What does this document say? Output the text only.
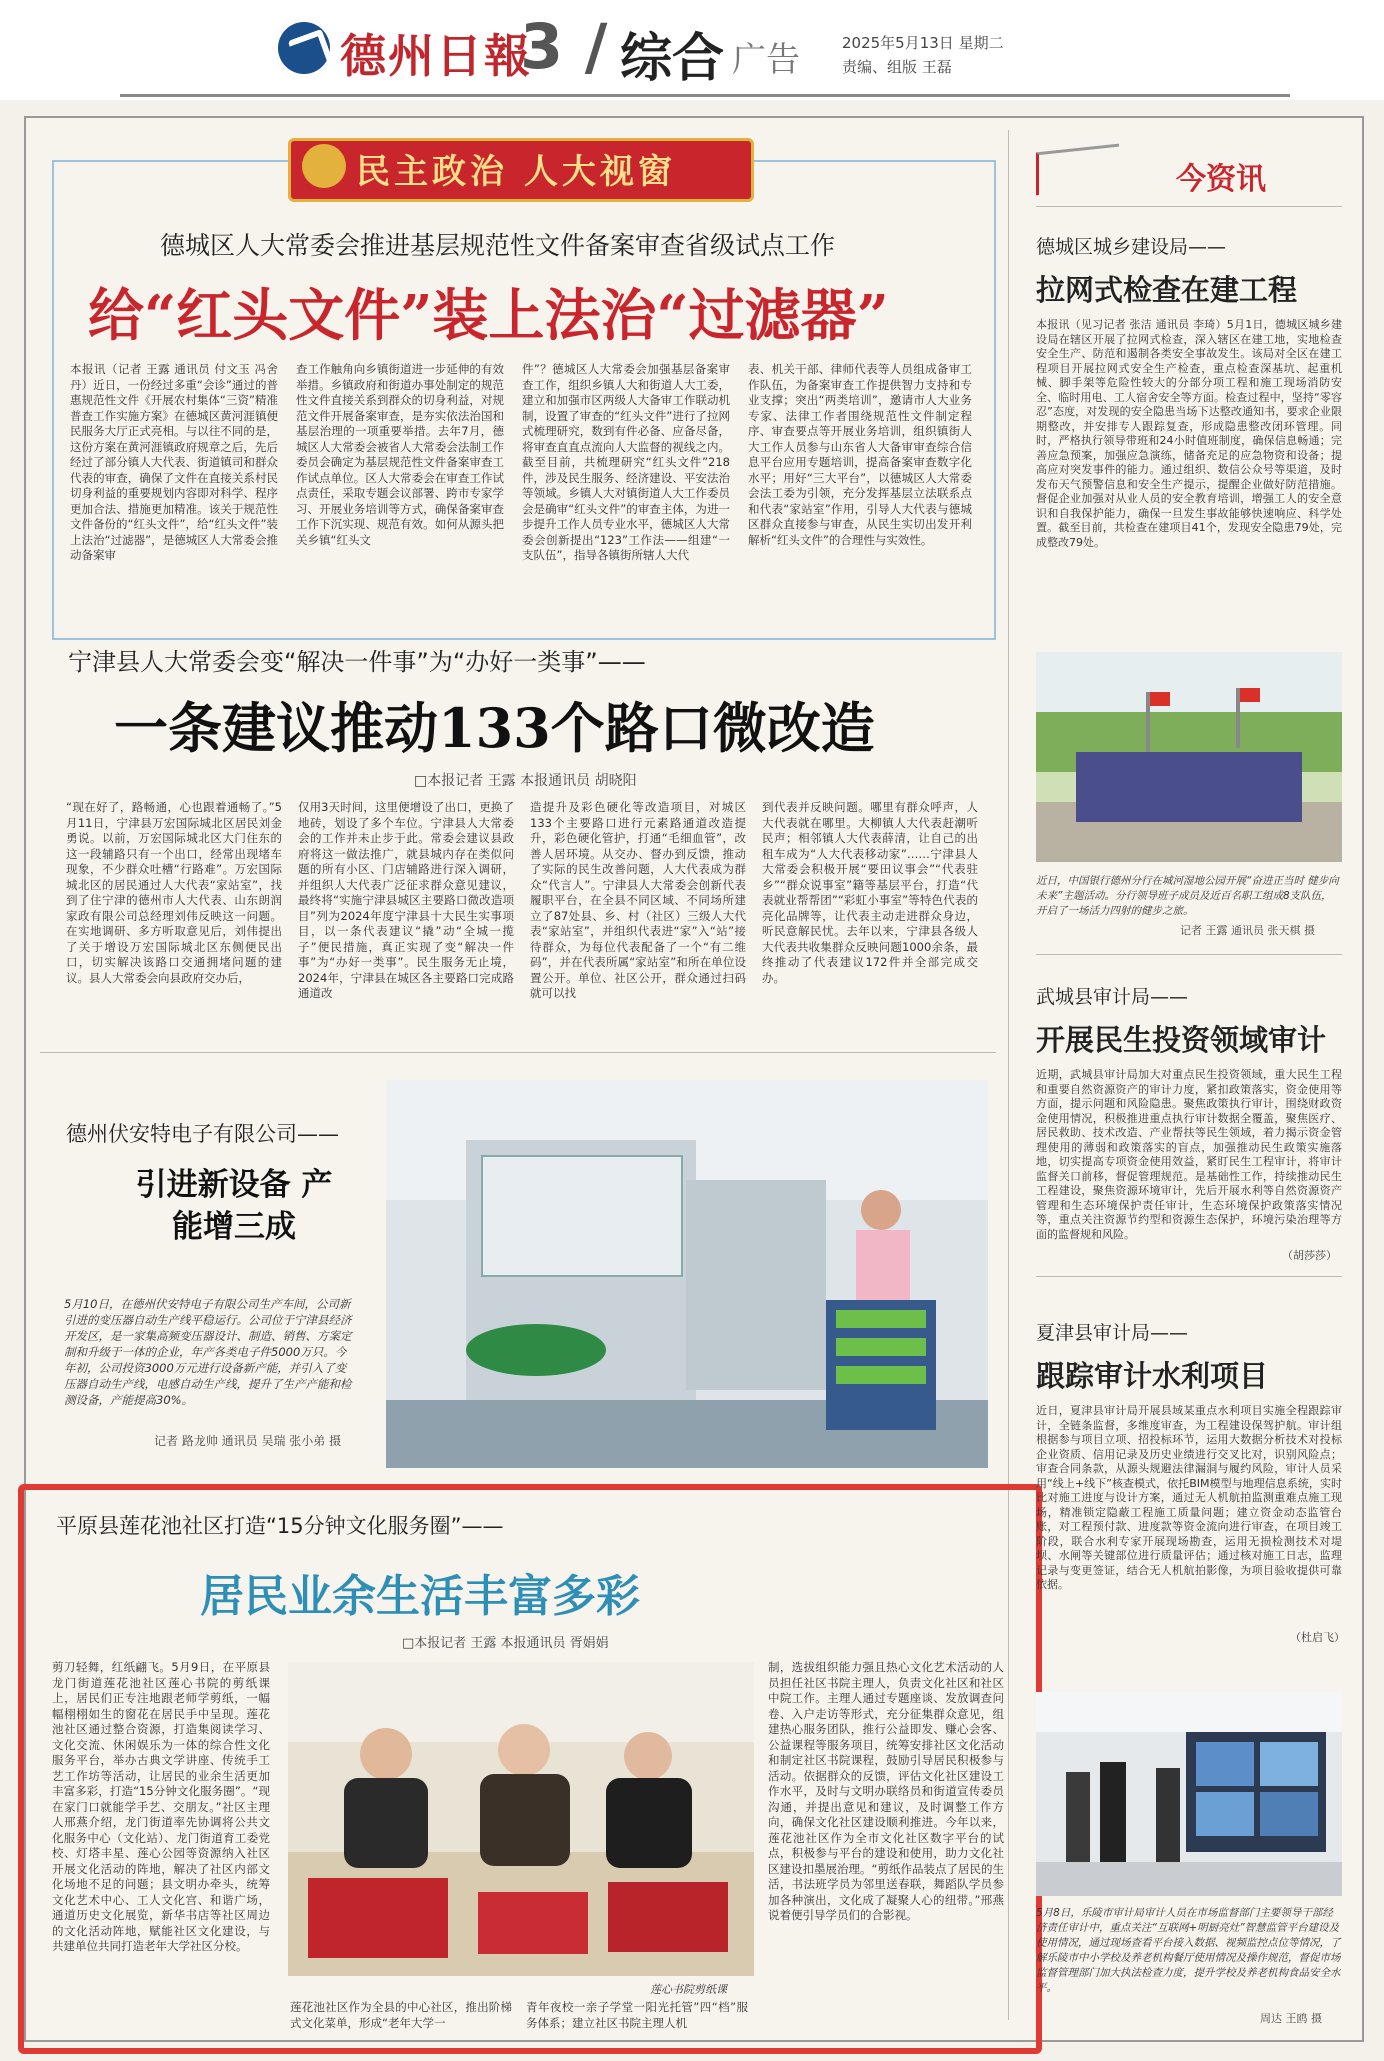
德州日報
3 / 综合 广告	2025年5月13日 星期二
责编、组版 王磊
民主政治 人大视窗
德城区人大常委会推进基层规范性文件备案审查省级试点工作
给“红头文件”装上法治“过滤器”
本报讯（记者 王露 通讯员 付文玉 冯舍丹）近日，一份经过多重“会诊”通过的普惠规范性文件《开展农村集体“三资”精准普查工作实施方案》在德城区黄河涯镇便民服务大厅正式亮相。与以往不同的是，这份方案在黄河涯镇政府规章之后，先后经过了部分镇人大代表、街道镇司和群众代表的审查，确保了文件在直接关系村民切身利益的重要规划内容即对科学、程序更加合法、措施更加精准。该关于规范性文件备份的“红头文件”，给“红头文件”装上法治“过滤器”，是德城区人大常委会推动备案审
查工作触角向乡镇街道进一步延伸的有效举措。乡镇政府和街道办事处制定的规范性文件直接关系到群众的切身利益，对规范文件开展备案审查，是夯实依法治国和基层治理的一项重要举措。去年7月，德城区人大常委会被省人大常委会法制工作委员会确定为基层规范性文件备案审查工作试点单位。区人大常委会在审查工作试点责任，采取专题会议部署、跨市专家学习、开展业务培训等方式，确保备案审查工作下沉实现、规范有效。如何从源头把关乡镇“红头文
件”？德城区人大常委会加强基层备案审查工作，组织乡镇人大和街道人大工委，建立和加强市区两级人大备审工作联动机制，设置了审查的“红头文件”进行了拉网式梳理研究，数到有件必备、应备尽备，将审查直直点流向人大监督的视线之内。截至目前，共梳理研究“红头文件”218件，涉及民生服务、经济建设、平安法治等领域。乡镇人大对镇街道人大工作委员会是确审“红头文件”的审查主体，为进一步提升工作人员专业水平，德城区人大常委会创新提出“123”工作法——组建“一支队伍”，指导各镇街所辖人大代
表、机关干部、律师代表等人员组成备审工作队伍，为备案审查工作提供智力支持和专业支撑；突出“两类培训”，邀请市人大业务专家、法律工作者围绕规范性文件制定程序、审查要点等开展业务培训，组织镇街人大工作人员参与山东省人大备审审查综合信息平台应用专题培训，提高备案审查数字化水平；用好“三大平台”，以德城区人大常委会法工委为引领，充分发挥基层立法联系点和代表“家站室”作用，引导人大代表与德城区群众直接参与审查，从民生实切出发开利解析“红头文件”的合理性与实效性。
宁津县人大常委会变“解决一件事”为“办好一类事”——
一条建议推动133个路口微改造
□本报记者 王露 本报通讯员 胡晓阳
“现在好了，路畅通，心也跟着通畅了。”5月11日，宁津县万宏国际城北区居民刘金勇说。以前，万宏国际城北区大门住东的这一段辅路只有一个出口，经常出现堵车现象，不少群众吐槽“行路难”。万宏国际城北区的居民通过人大代表“家站室”，找到了住宁津的德州市人大代表、山东朗润家政有限公司总经理刘伟反映这一问题。在实地调研、多方听取意见后，刘伟提出了关于增设万宏国际城北区东侧便民出口，切实解决该路口交通拥堵问题的建议。县人大常委会向县政府交办后，
仅用3天时间，这里便增设了出口，更换了地砖，划设了多个车位。宁津县人大常委会的工作并未止步于此。常委会建议县政府将这一做法推广，就县城内存在类似问题的所有小区、门店辅路进行深入调研，并组织人大代表广泛征求群众意见建议，最终将“实施宁津县城区主要路口微改造项目”列为2024年度宁津县十大民生实事项目，以一条代表建议“撬”动“全城一揽子”便民措施，真正实现了变“解决一件事”为“办好一类事”。民生服务无止境，2024年，宁津县在城区各主要路口完成路通道改
造提升及彩色硬化等改造项目，对城区133个主要路口进行元素路通道改造提升，彩色硬化管护，打通“毛细血管”，改善人居环境。从交办、督办到反馈，推动了实际的民生改善问题，人大代表成为群众“代言人”。宁津县人大常委会创新代表履职平台，在全县不同区域、不同场所建立了87处县、乡、村（社区）三级人大代表“家站室”，并组织代表进“家”入“站”接待群众，为每位代表配备了一个“有二维码”，并在代表所属“家站室”和所在单位设置公开。单位、社区公开，群众通过扫码就可以找
到代表并反映问题。哪里有群众呼声，人大代表就在哪里。大柳镇人大代表赶潮听民声；相邻镇人大代表薛清，让自己的出租车成为“人大代表移动家”……宁津县人大常委会积极开展“要田议事会”“代表驻乡”“群众说事室”籍等基层平台，打造“代表就业帮帮团”“彩虹小事室”等特色代表的亮化品牌等，让代表主动走进群众身边，听民意解民忧。去年以来，宁津县各级人大代表共收集群众反映问题1000余条，最终推动了代表建议172件并全部完成交办。
德州伏安特电子有限公司——
引进新设备 产能增三成
5月10日，在德州伏安特电子有限公司生产车间，公司新引进的变压器自动生产线平稳运行。公司位于宁津县经济开发区，是一家集高频变压器设计、制造、销售、方案定制和升级于一体的企业，年产各类电子件5000万只。今年初，公司投资3000万元进行设备新产能，并引入了变压器自动生产线，电感自动生产线，提升了生产产能和检测设备，产能提高30%。
记者 路龙帅 通讯员 吴瑞 张小弟 摄
平原县莲花池社区打造“15分钟文化服务圈”——
居民业余生活丰富多彩
□本报记者 王露 本报通讯员 胥娟娟
剪刀轻舞，红纸翩飞。5月9日，在平原县龙门街道莲花池社区莲心书院的剪纸课上，居民们正专注地跟老师学剪纸，一幅幅栩栩如生的窗花在居民手中呈现。莲花池社区通过整合资源，打造集阅读学习、文化交流、休闲娱乐为一体的综合性文化服务平台，举办古典文学讲座、传统手工艺工作坊等活动，让居民的业余生活更加丰富多彩，打造“15分钟文化服务圈”。“现在家门口就能学手艺、交朋友。”社区主理人邢燕介绍，龙门街道率先协调将公共文化服务中心（文化站）、龙门街道育工委党校、灯塔丰星、莲心公园等资源纳入社区开展文化活动的阵地，解决了社区内部文化场地不足的问题；县文明办牵头，统筹文化艺术中心、工人文化宫、和谐广场，通道历史文化展览，新华书店等社区周边的文化活动阵地，赋能社区文化建设，与共建单位共同打造老年大学社区分校。
莲心书院剪纸课
莲花池社区作为全县的中心社区，推出阶梯式文化菜单，形成“老年大学一
青年夜校一亲子学堂一阳光托管”四“档”服务体系；建立社区书院主理人机
制，选拔组织能力强且热心文化艺术活动的人员担任社区书院主理人，负责文化社区和社区中院工作。主理人通过专题座谈、发放调查问卷、入户走访等形式，充分征集群众意见，组建热心服务团队，推行公益即发、赚心会客、公益课程等服务项目，统筹安排社区文化活动和制定社区书院课程，鼓励引导居民积极参与活动。依据群众的反馈，评估文化社区建设工作水平，及时与文明办联络员和街道宣传委员沟通，并提出意见和建议，及时调整工作方向，确保文化社区建设顺利推进。今年以来，莲花池社区作为全市文化社区数字平台的试点，积极参与平台的建设和使用，助力文化社区建设扣墨展治理。“剪纸作品装点了居民的生活，书法班学员为邻里送春联，舞蹈队学员参加各种演出，文化成了凝聚人心的纽带。”邢燕说着便引导学员们的合影视。
今资讯
德城区城乡建设局——
拉网式检查在建工程
本报讯（见习记者 张洁 通讯员 李琦）5月1日，德城区城乡建设局在辖区开展了拉网式检查，深入辖区在建工地，实地检查安全生产、防范和遏制各类安全事故发生。该局对全区在建工程项目开展拉网式安全生产检查，重点检查深基坑、起重机械、脚手架等危险性较大的分部分项工程和施工现场消防安全、临时用电、工人宿舍安全等方面。检查过程中，坚持“零容忍”态度，对发现的安全隐患当场下达整改通知书，要求企业限期整改，并安排专人跟踪复查，形成隐患整改闭环管理。同时，严格执行领导带班和24小时值班制度，确保信息畅通；完善应急预案，加强应急演练，储备充足的应急物资和设备；提高应对突发事件的能力。通过组织、数信公众号等渠道，及时发布天气预警信息和安全生产提示，提醒企业做好防范措施。督促企业加强对从业人员的安全教育培训，增强工人的安全意识和自我保护能力，确保一旦发生事故能够快速响应、科学处置。截至目前，共检查在建项目41个，发现安全隐患79处，完成整改79处。
近日，中国银行德州分行在城河湿地公园开展“奋进正当时 健步向未来”主题活动。分行领导班子成员及近百名职工组成8支队伍，开启了一场活力四射的健步之旅。
记者 王露 通讯员 张天棋 摄
武城县审计局——
开展民生投资领域审计
近期，武城县审计局加大对重点民生投资领域，重大民生工程和重要自然资源资产的审计力度，紧扣政策落实，资金使用等方面，提示问题和风险隐患。聚焦政策执行审计，围绕财政资金使用情况，积极推进重点执行审计数据全覆盖，聚焦医疗、居民救助、技术改造、产业帮扶等民生领域，着力揭示资金管理使用的薄弱和政策落实的盲点，加强推动民生政策实施落地，切实提高专项资金使用效益，紧盯民生工程审计，将审计监督关口前移，督促管理规范。是基础性工作，持续推动民生工程建设，聚焦资源环境审计，先后开展水利等自然资源资产管理和生态环境保护责任审计，生态环境保护政策落实情况等，重点关注资源节约型和资源生态保护，环境污染治理等方面的监督规和风险。
（胡莎莎）
夏津县审计局——
跟踪审计水利项目
近日，夏津县审计局开展县域某重点水利项目实施全程跟踪审计，全链条监督，多维度审查，为工程建设保驾护航。审计组根据参与项目立项、招投标环节，运用大数据分析技术对投标企业资质、信用记录及历史业绩进行交叉比对，识别风险点；审查合同条款，从源头规避法律漏洞与履约风险，审计人员采用“线上+线下”核查模式，依托BIM模型与地理信息系统，实时比对施工进度与设计方案，通过无人机航拍监测重难点施工现场，精准锁定隐蔽工程施工质量问题；建立资金动态监管台账，对工程预付款、进度款等资金流向进行审查，在项目竣工阶段，联合水利专家开展现场勘查，运用无损检测技术对堤坝、水闸等关键部位进行质量评估；通过核对施工日志，监理记录与变更签证，结合无人机航拍影像，为项目验收提供可靠依据。
（杜启飞）
5月8日，乐陵市审计局审计人员在市场监督部门主要领导干部经济责任审计中，重点关注“互联网+明厨亮灶”智慧监管平台建设及使用情况，通过现场查看平台接入数据、视频监控点位等情况，了解乐陵市中小学校及养老机构餐厅使用情况及操作规范，督促市场监督管理部门加大执法检查力度，提升学校及养老机构食品安全水平。
周达 王鸥 摄
